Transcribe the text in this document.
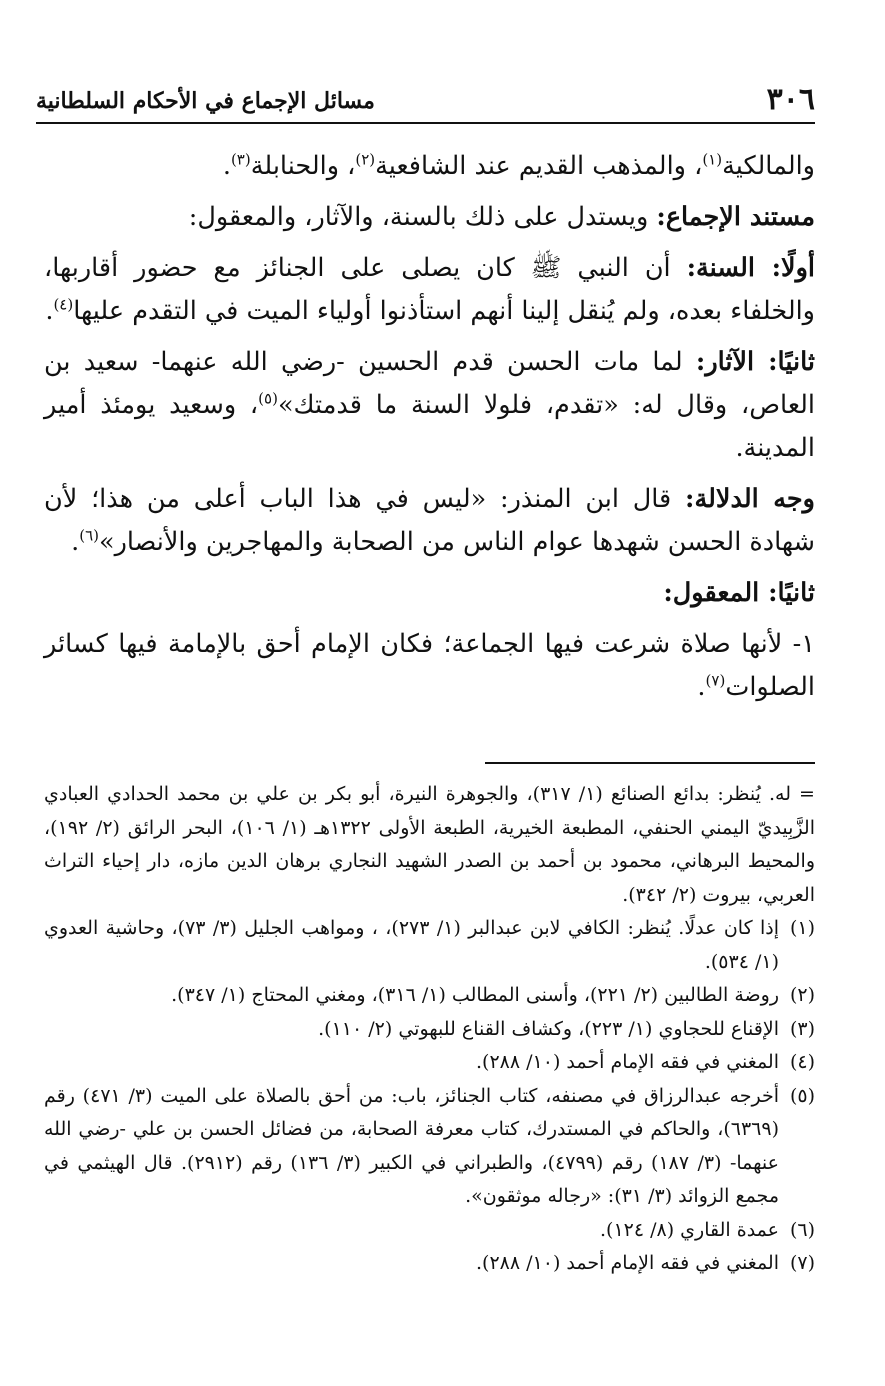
٣٠٦
مسائل الإجماع في الأحكام السلطانية

والمالكية$^{(١)}$، والمذهب القديم عند الشافعية$^{(٢)}$، والحنابلة$^{(٣)}$.

مستند الإجماع: ويستدل على ذلك بالسنة، والآثار، والمعقول:

أولًا: السنة: أن النبي ﷺ كان يصلى على الجنائز مع حضور أقاربها، والخلفاء بعده، ولم يُنقل إلينا أنهم استأذنوا أولياء الميت في التقدم عليها$^{(٤)}$.

ثانيًا: الآثار: لما مات الحسن قدم الحسين -رضي الله عنهما- سعيد بن العاص، وقال له: «تقدم، فلولا السنة ما قدمتك»$^{(٥)}$، وسعيد يومئذ أمير المدينة.

وجه الدلالة: قال ابن المنذر: «ليس في هذا الباب أعلى من هذا؛ لأن شهادة الحسن شهدها عوام الناس من الصحابة والمهاجرين والأنصار»$^{(٦)}$.

ثانيًا: المعقول:

١- لأنها صلاة شرعت فيها الجماعة؛ فكان الإمام أحق بالإمامة فيها كسائر الصلوات$^{(٧)}$.

= له. يُنظر: بدائع الصنائع (١/ ٣١٧)، والجوهرة النيرة، أبو بكر بن علي بن محمد الحدادي العبادي الزَّبِيديّ اليمني الحنفي، المطبعة الخيرية، الطبعة الأولى ١٣٢٢هـ (١/ ١٠٦)، البحر الرائق (٢/ ١٩٢)، والمحيط البرهاني، محمود بن أحمد بن الصدر الشهيد النجاري برهان الدين مازه، دار إحياء التراث العربي، بيروت (٢/ ٣٤٢).

(١)
إذا كان عدلًا. يُنظر: الكافي لابن عبدالبر (١/ ٢٧٣)، ، ومواهب الجليل (٣/ ٧٣)، وحاشية العدوي (١/ ٥٣٤).

(٢)
روضة الطالبين (٢/ ٢٢١)، وأسنى المطالب (١/ ٣١٦)، ومغني المحتاج (١/ ٣٤٧).

(٣)
الإقناع للحجاوي (١/ ٢٢٣)، وكشاف القناع للبهوتي (٢/ ١١٠).

(٤)
المغني في فقه الإمام أحمد (١٠/ ٢٨٨).

(٥)
أخرجه عبدالرزاق في مصنفه، كتاب الجنائز، باب: من أحق بالصلاة على الميت (٣/ ٤٧١) رقم (٦٣٦٩)، والحاكم في المستدرك، كتاب معرفة الصحابة، من فضائل الحسن بن علي -رضي الله عنهما- (٣/ ١٨٧) رقم (٤٧٩٩)، والطبراني في الكبير (٣/ ١٣٦) رقم (٢٩١٢). قال الهيثمي في مجمع الزوائد (٣/ ٣١): «رجاله موثقون».

(٦)
عمدة القاري (٨/ ١٢٤).

(٧)
المغني في فقه الإمام أحمد (١٠/ ٢٨٨).
